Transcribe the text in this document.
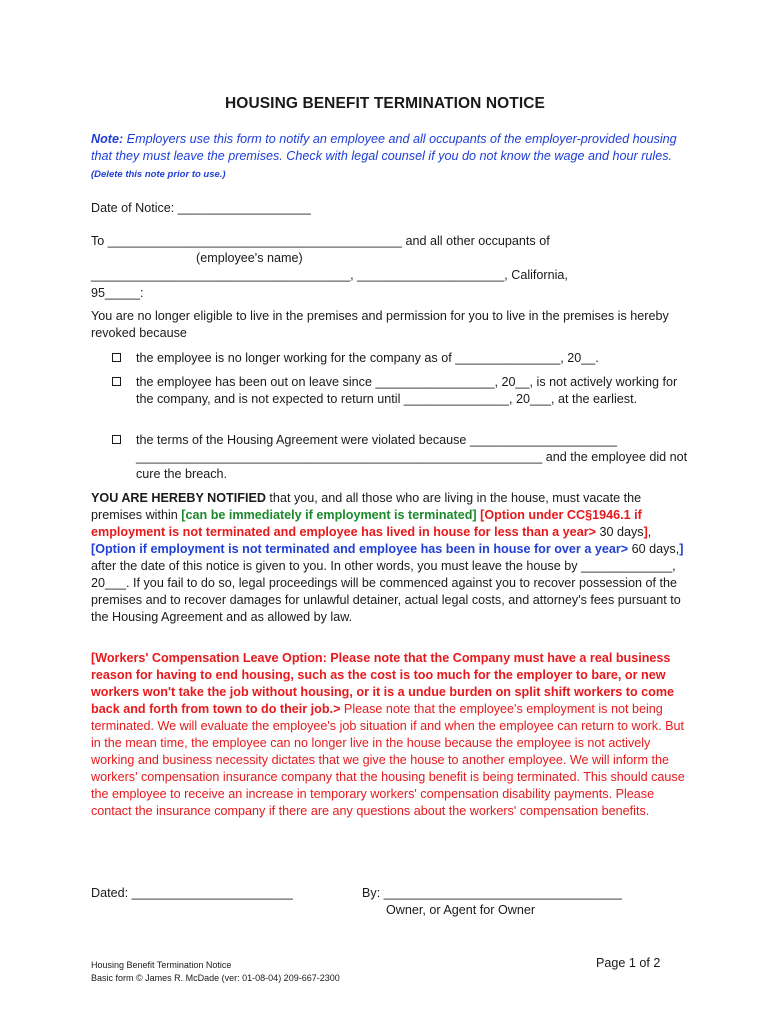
HOUSING BENEFIT TERMINATION NOTICE
Note: Employers use this form to notify an employee and all occupants of the employer-provided housing that they must leave the premises. Check with legal counsel if you do not know the wage and hour rules. (Delete this note prior to use.)
Date of Notice: ___________________
To __________________________________________ and all other occupants of
(employee's name)
_____________________________________, _____________________, California,
95_____:
You are no longer eligible to live in the premises and permission for you to live in the premises is hereby revoked because
the employee is no longer working for the company as of _______________, 20__.
the employee has been out on leave since _________________, 20__, is not actively working for the company, and is not expected to return until _______________, 20___, at the earliest.
the terms of the Housing Agreement were violated because _____________________ __________________________________________________________ and the employee did not cure the breach.
YOU ARE HEREBY NOTIFIED that you, and all those who are living in the house, must vacate the premises within [can be immediately if employment is terminated] [Option under CC§1946.1 if employment is not terminated and employee has lived in house for less than a year> 30 days], [Option if employment is not terminated and employee has been in house for over a year> 60 days,] after the date of this notice is given to you. In other words, you must leave the house by _____________, 20___. If you fail to do so, legal proceedings will be commenced against you to recover possession of the premises and to recover damages for unlawful detainer, actual legal costs, and attorney's fees pursuant to the Housing Agreement and as allowed by law.
[Workers' Compensation Leave Option: Please note that the Company must have a real business reason for having to end housing, such as the cost is too much for the employer to bare, or new workers won't take the job without housing, or it is a undue burden on split shift workers to come back and forth from town to do their job.> Please note that the employee's employment is not being terminated. We will evaluate the employee's job situation if and when the employee can return to work. But in the mean time, the employee can no longer live in the house because the employee is not actively working and business necessity dictates that we give the house to another employee. We will inform the workers' compensation insurance company that the housing benefit is being terminated. This should cause the employee to receive an increase in temporary workers' compensation disability payments. Please contact the insurance company if there are any questions about the workers' compensation benefits.
Dated: _______________________	By: __________________________________
Owner, or Agent for Owner
Housing Benefit Termination Notice
Basic form © James R. McDade (ver: 01-08-04) 209-667-2300
Page 1 of 2
